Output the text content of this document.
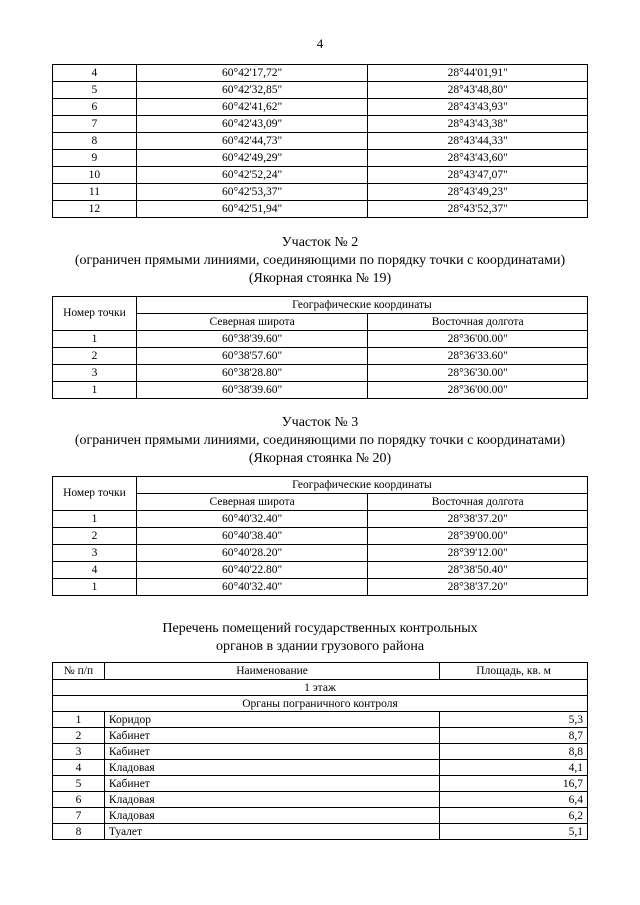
4
4	60°42'17,72"	28°44'01,91"
5	60°42'32,85"	28°43'48,80"
6	60°42'41,62"	28°43'43,93"
7	60°42'43,09"	28°43'43,38"
8	60°42'44,73"	28°43'44,33"
9	60°42'49,29"	28°43'43,60"
10	60°42'52,24"	28°43'47,07"
11	60°42'53,37"	28°43'49,23"
12	60°42'51,94"	28°43'52,37"
Участок № 2
(ограничен прямыми линиями, соединяющими по порядку точки с координатами)
(Якорная стоянка № 19)
Номер точки	Географические координаты	
	Северная широта	Восточная долгота
1	60°38'39.60"	28°36'00.00"
2	60°38'57.60"	28°36'33.60"
3	60°38'28.80"	28°36'30.00"
1	60°38'39.60"	28°36'00.00"
Участок № 3
(ограничен прямыми линиями, соединяющими по порядку точки с координатами)
(Якорная стоянка № 20)
Номер точки	Географические координаты	
	Северная широта	Восточная долгота
1	60°40'32.40"	28°38'37.20"
2	60°40'38.40"	28°39'00.00"
3	60°40'28.20"	28°39'12.00"
4	60°40'22.80"	28°38'50.40"
1	60°40'32.40"	28°38'37.20"
Перечень помещений государственных контрольных
органов в здании грузового района
№ п/п	Наименование	Площадь, кв. м
1 этаж		
Органы пограничного контроля		
1	Коридор	5,3
2	Кабинет	8,7
3	Кабинет	8,8
4	Кладовая	4,1
5	Кабинет	16,7
6	Кладовая	6,4
7	Кладовая	6,2
8	Туалет	5,1
